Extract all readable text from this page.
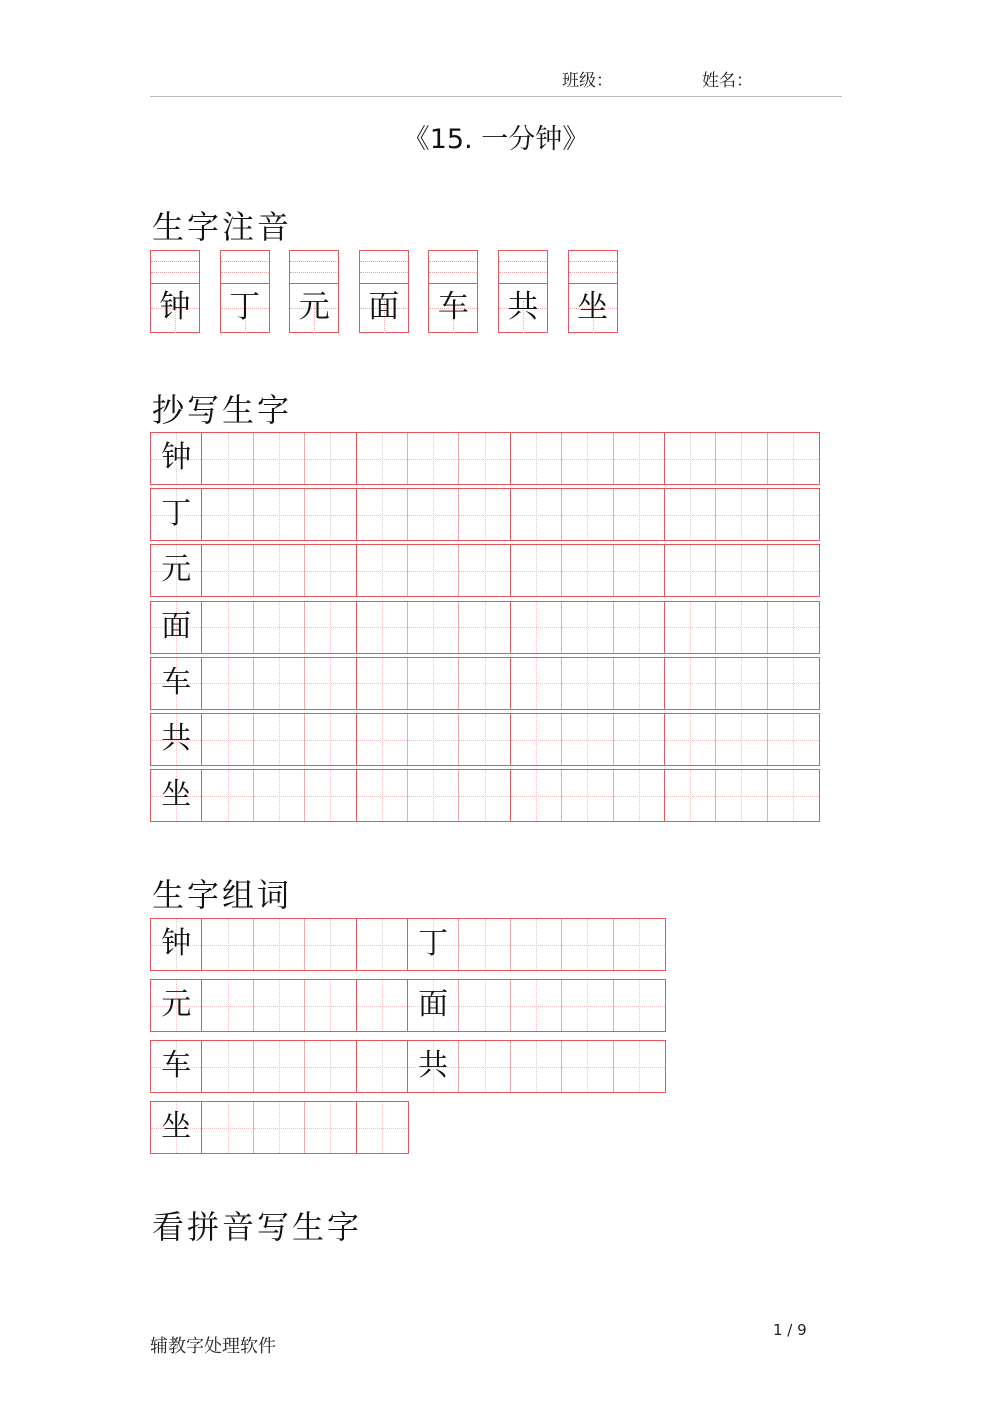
班级：	姓名：
《15. 一分钟》
生字注音
钟 丁 元 面 车 共 坐
抄写生字
钟
丁
元
面
车
共
坐
生字组词
钟	丁
元	面
车	共
坐
看拼音写生字
辅教字处理软件
1 / 9
